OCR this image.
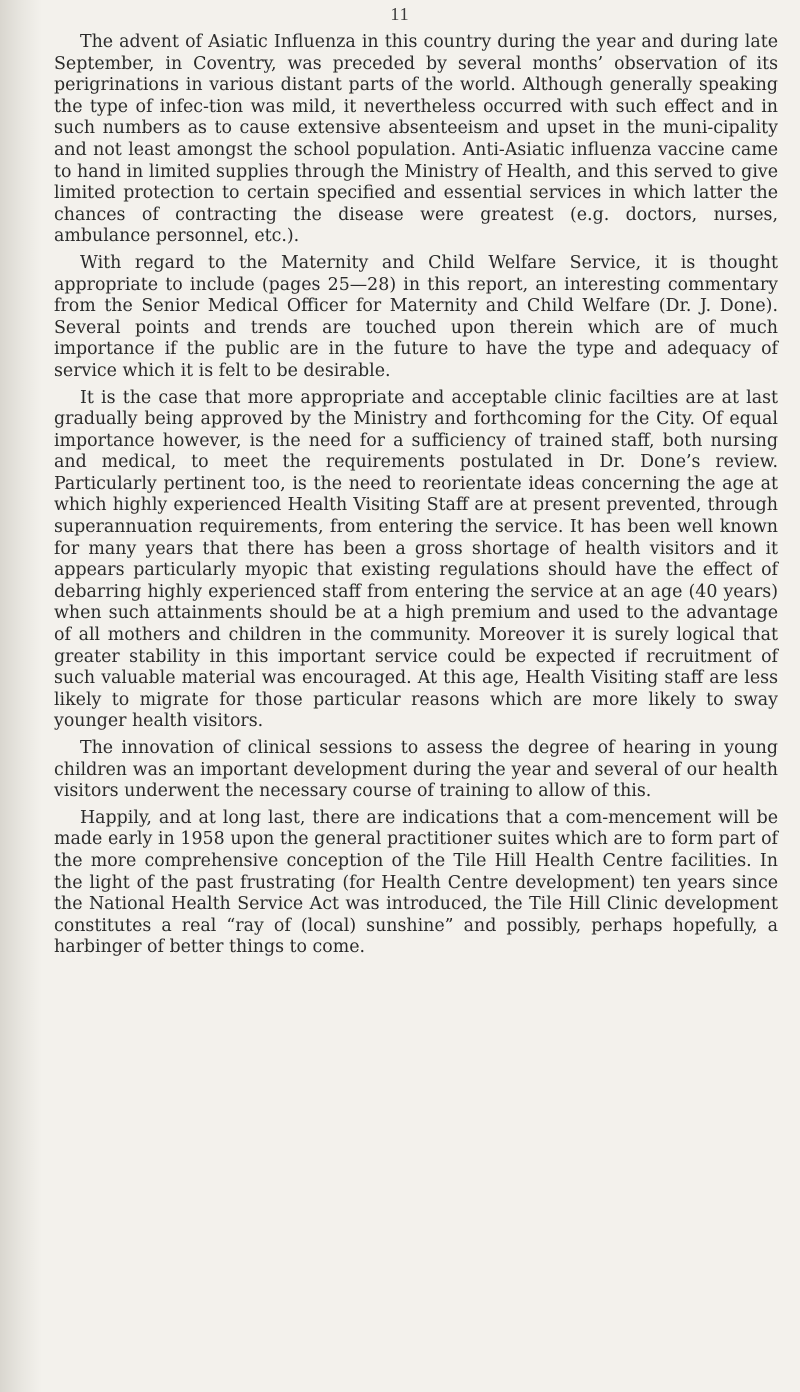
11

The advent of Asiatic Influenza in this country during the year and during late September, in Coventry, was preceded by several months’ observation of its perigrinations in various distant parts of the world. Although generally speaking the type of infec-tion was mild, it nevertheless occurred with such effect and in such numbers as to cause extensive absenteeism and upset in the muni-cipality and not least amongst the school population. Anti-Asiatic influenza vaccine came to hand in limited supplies through the Ministry of Health, and this served to give limited protection to certain specified and essential services in which latter the chances of contracting the disease were greatest (e.g. doctors, nurses, ambulance personnel, etc.).

With regard to the Maternity and Child Welfare Service, it is thought appropriate to include (pages 25—28) in this report, an interesting commentary from the Senior Medical Officer for Maternity and Child Welfare (Dr. J. Done). Several points and trends are touched upon therein which are of much importance if the public are in the future to have the type and adequacy of service which it is felt to be desirable.

It is the case that more appropriate and acceptable clinic facilties are at last gradually being approved by the Ministry and forthcoming for the City. Of equal importance however, is the need for a sufficiency of trained staff, both nursing and medical, to meet the requirements postulated in Dr. Done’s review. Particularly pertinent too, is the need to reorientate ideas concerning the age at which highly experienced Health Visiting Staff are at present prevented, through superannuation requirements, from entering the service. It has been well known for many years that there has been a gross shortage of health visitors and it appears particularly myopic that existing regulations should have the effect of debarring highly experienced staff from entering the service at an age (40 years) when such attainments should be at a high premium and used to the advantage of all mothers and children in the community. Moreover it is surely logical that greater stability in this important service could be expected if recruitment of such valuable material was encouraged. At this age, Health Visiting staff are less likely to migrate for those particular reasons which are more likely to sway younger health visitors.

The innovation of clinical sessions to assess the degree of hearing in young children was an important development during the year and several of our health visitors underwent the necessary course of training to allow of this.

Happily, and at long last, there are indications that a com-mencement will be made early in 1958 upon the general practitioner suites which are to form part of the more comprehensive conception of the Tile Hill Health Centre facilities. In the light of the past frustrating (for Health Centre development) ten years since the National Health Service Act was introduced, the Tile Hill Clinic development constitutes a real “ray of (local) sunshine” and possibly, perhaps hopefully, a harbinger of better things to come.
